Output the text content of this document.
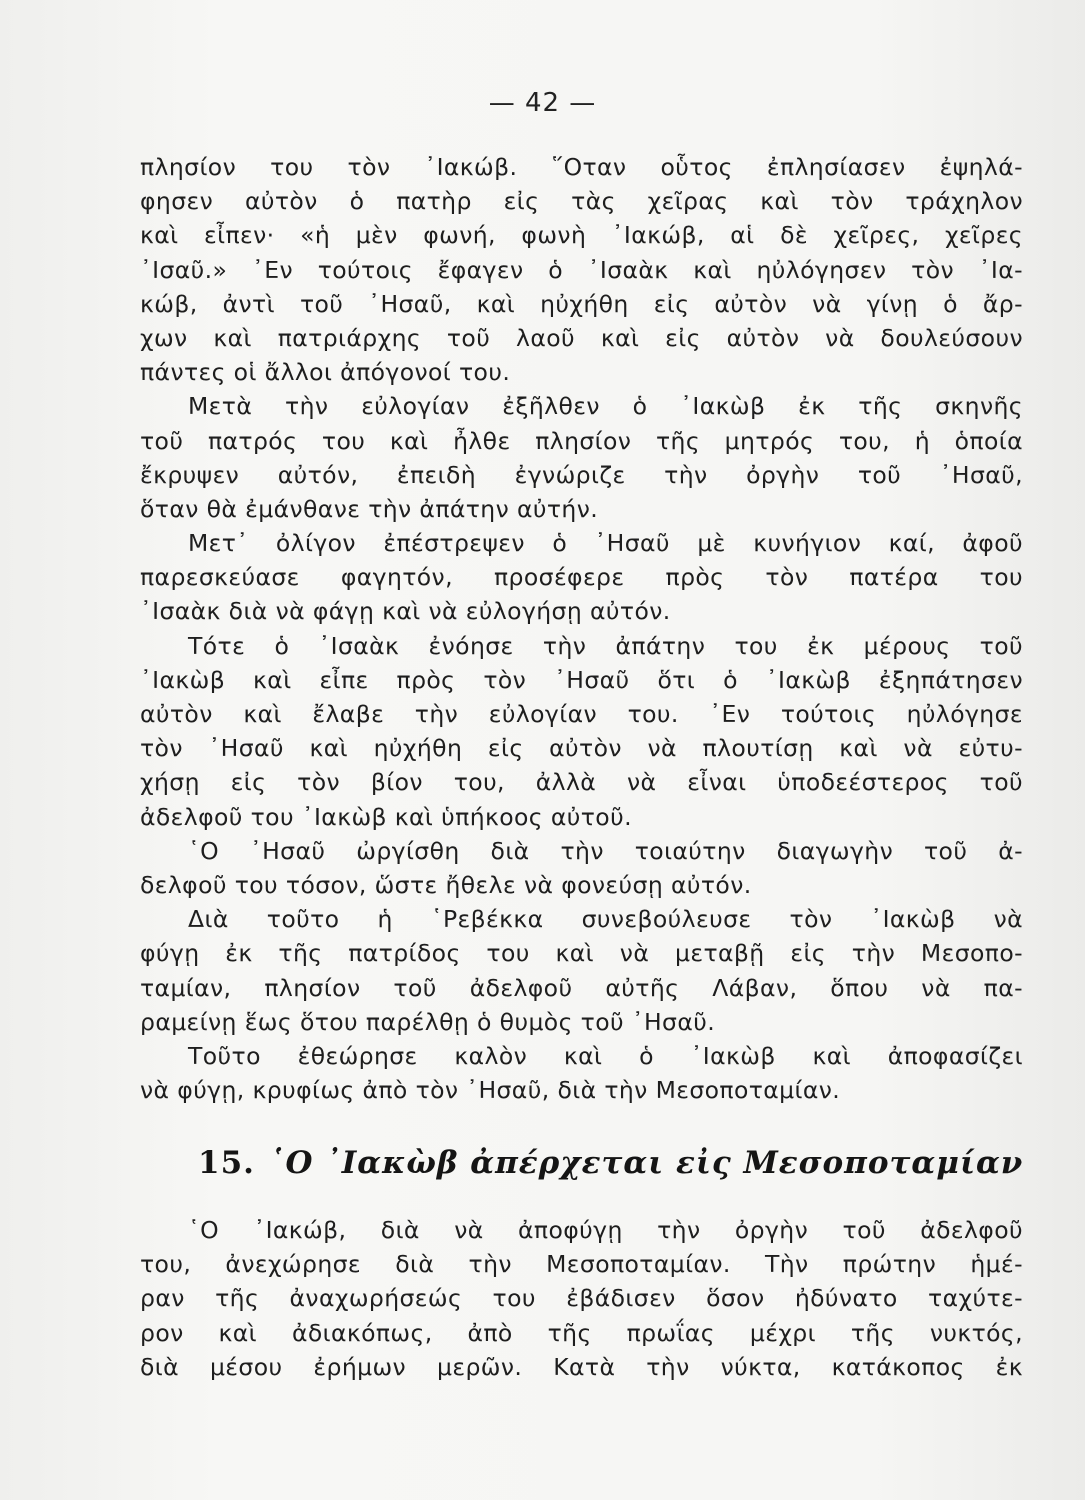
— 42 —
πλησίον του τὸν ᾿Ιακώβ. ῞Οταν οὗτος ἐπλησίασεν ἐψηλά-
φησεν αὐτὸν ὁ πατὴρ εἰς τὰς χεῖρας καὶ τὸν τράχηλον
καὶ εἶπεν· «ἡ μὲν φωνή, φωνὴ ᾿Ιακώβ, αἱ δὲ χεῖρες, χεῖρες
᾿Ισαῦ.» ᾿Εν τούτοις ἔφαγεν ὁ ᾿Ισαὰκ καὶ ηὐλόγησεν τὸν ᾿Ια-
κώβ, ἀντὶ τοῦ ᾿Ησαῦ, καὶ ηὐχήθη εἰς αὐτὸν νὰ γίνῃ ὁ ἄρ-
χων καὶ πατριάρχης τοῦ λαοῦ καὶ εἰς αὐτὸν νὰ δουλεύσουν
πάντες οἱ ἄλλοι ἀπόγονοί του.
Μετὰ τὴν εὐλογίαν ἐξῆλθεν ὁ ᾿Ιακὼβ ἐκ τῆς σκηνῆς
τοῦ πατρός του καὶ ἦλθε πλησίον τῆς μητρός του, ἡ ὁποία
ἔκρυψεν αὐτόν, ἐπειδὴ ἐγνώριζε τὴν ὀργὴν τοῦ ᾿Ησαῦ,
ὅταν θὰ ἐμάνθανε τὴν ἀπάτην αὐτήν.
Μετ᾿ ὀλίγον ἐπέστρεψεν ὁ ᾿Ησαῦ μὲ κυνήγιον καί, ἀφοῦ
παρεσκεύασε φαγητόν, προσέφερε πρὸς τὸν πατέρα του
᾿Ισαὰκ διὰ νὰ φάγῃ καὶ νὰ εὐλογήσῃ αὐτόν.
Τότε ὁ ᾿Ισαὰκ ἐνόησε τὴν ἀπάτην του ἐκ μέρους τοῦ
᾿Ιακὼβ καὶ εἶπε πρὸς τὸν ᾿Ησαῦ ὅτι ὁ ᾿Ιακὼβ ἐξηπάτησεν
αὐτὸν καὶ ἔλαβε τὴν εὐλογίαν του. ᾿Εν τούτοις ηὐλόγησε
τὸν ᾿Ησαῦ καὶ ηὐχήθη εἰς αὐτὸν νὰ πλουτίσῃ καὶ νὰ εὐτυ-
χήσῃ εἰς τὸν βίον του, ἀλλὰ νὰ εἶναι ὑποδεέστερος τοῦ
ἀδελφοῦ του ᾿Ιακὼβ καὶ ὑπήκοος αὐτοῦ.
῾Ο ᾿Ησαῦ ὠργίσθη διὰ τὴν τοιαύτην διαγωγὴν τοῦ ἀ-
δελφοῦ του τόσον, ὥστε ἤθελε νὰ φονεύσῃ αὐτόν.
Διὰ τοῦτο ἡ ῾Ρεβέκκα συνεβούλευσε τὸν ᾿Ιακὼβ νὰ
φύγῃ ἐκ τῆς πατρίδος του καὶ νὰ μεταβῇ εἰς τὴν Μεσοπο-
ταμίαν, πλησίον τοῦ ἀδελφοῦ αὐτῆς Λάβαν, ὅπου νὰ πα-
ραμείνῃ ἕως ὅτου παρέλθῃ ὁ θυμὸς τοῦ ᾿Ησαῦ.
Τοῦτο ἐθεώρησε καλὸν καὶ ὁ ᾿Ιακὼβ καὶ ἀποφασίζει
νὰ φύγῃ, κρυφίως ἀπὸ τὸν ᾿Ησαῦ, διὰ τὴν Μεσοποταμίαν.
15. ῾Ο ᾿Ιακὼβ ἀπέρχεται εἰς Μεσοποταμίαν
῾Ο ᾿Ιακώβ, διὰ νὰ ἀποφύγῃ τὴν ὀργὴν τοῦ ἀδελφοῦ
του, ἀνεχώρησε διὰ τὴν Μεσοποταμίαν. Τὴν πρώτην ἡμέ-
ραν τῆς ἀναχωρήσεώς του ἐβάδισεν ὅσον ἠδύνατο ταχύτε-
ρον καὶ ἀδιακόπως, ἀπὸ τῆς πρωΐας μέχρι τῆς νυκτός,
διὰ μέσου ἐρήμων μερῶν. Κατὰ τὴν νύκτα, κατάκοπος ἐκ
